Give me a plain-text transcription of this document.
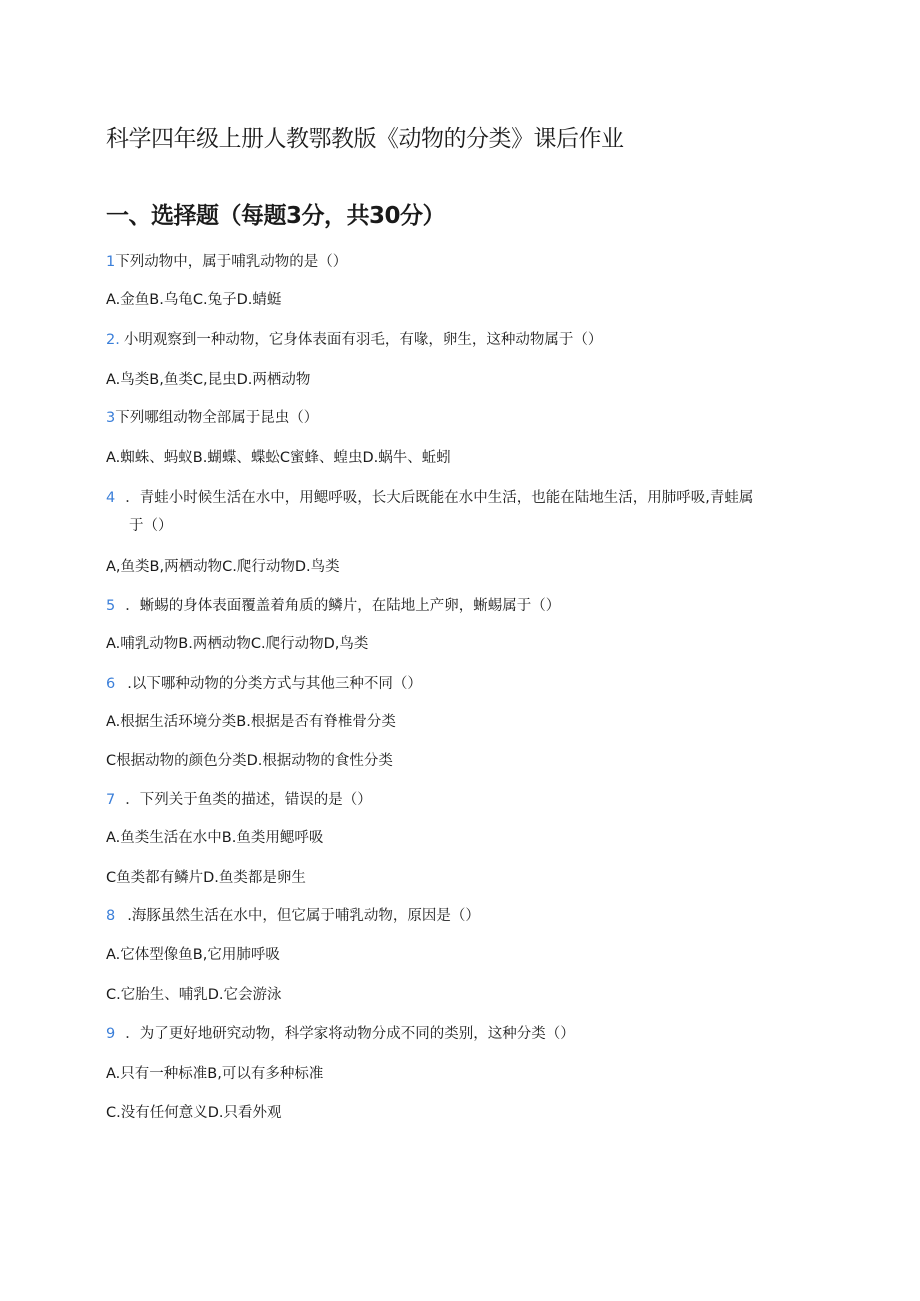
科学四年级上册人教鄂教版《动物的分类》课后作业
一、选择题（每题3分，共30分）
1下列动物中，属于哺乳动物的是（）
A.金鱼B.乌龟C.兔子D.蜻蜓
2. 小明观察到一种动物，它身体表面有羽毛，有喙，卵生，这种动物属于（）
A.鸟类B,鱼类C,昆虫D.两栖动物
3下列哪组动物全部属于昆虫（）
A.蜘蛛、蚂蚁B.蝴蝶、蝶蚣C蜜蜂、蝗虫D.蜗牛、蚯蚓
4 ．青蛙小时候生活在水中，用鳃呼吸，长大后既能在水中生活，也能在陆地生活，用肺呼吸,青蛙属
于（）
A,鱼类B,两栖动物C.爬行动物D.鸟类
5 ．蜥蜴的身体表面覆盖着角质的鳞片，在陆地上产卵，蜥蜴属于（）
A.哺乳动物B.两栖动物C.爬行动物D,鸟类
6 .以下哪种动物的分类方式与其他三种不同（）
A.根据生活环境分类B.根据是否有脊椎骨分类
C根据动物的颜色分类D.根据动物的食性分类
7 ．下列关于鱼类的描述，错误的是（）
A.鱼类生活在水中B.鱼类用鳃呼吸
C鱼类都有鳞片D.鱼类都是卵生
8 .海豚虽然生活在水中，但它属于哺乳动物，原因是（）
A.它体型像鱼B,它用肺呼吸
C.它胎生、哺乳D.它会游泳
9 ．为了更好地研究动物，科学家将动物分成不同的类别，这种分类（）
A.只有一种标准B,可以有多种标准
C.没有任何意义D.只看外观
